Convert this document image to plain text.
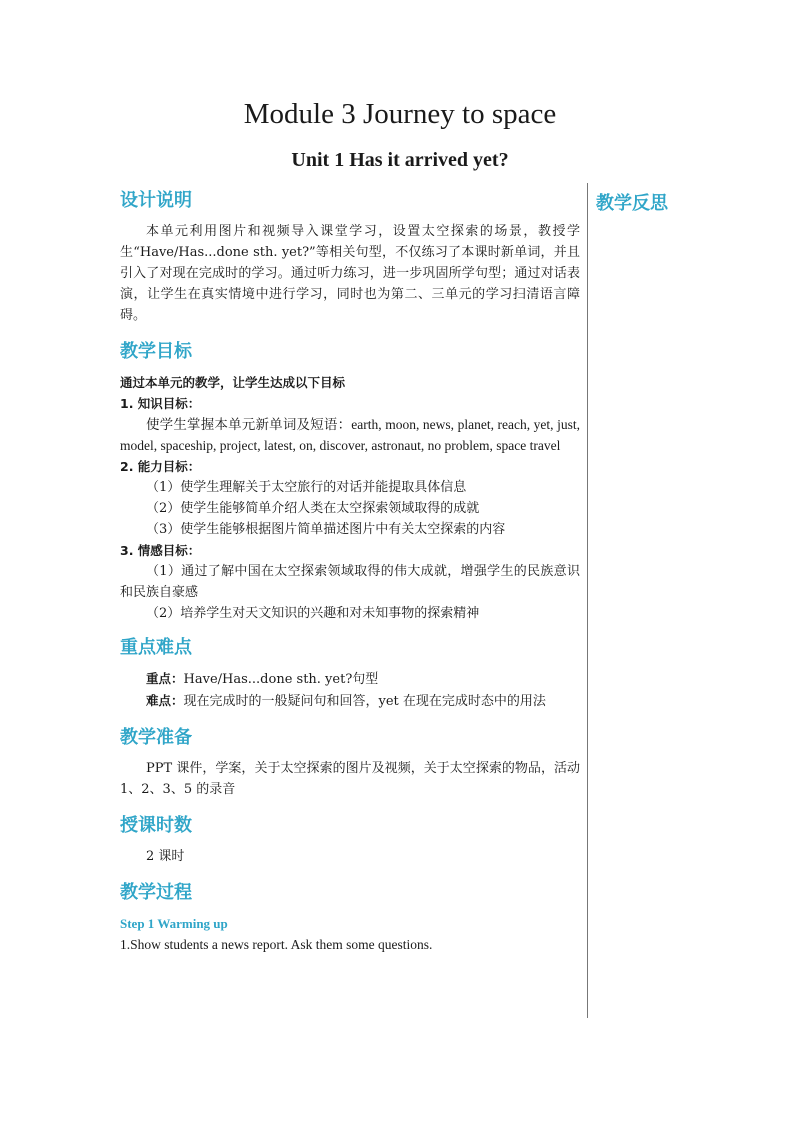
Module 3 Journey to space
Unit 1 Has it arrived yet?
教学反思
设计说明

本单元利用图片和视频导入课堂学习，设置太空探索的场景，教授学生“Have/Has...done sth. yet?”等相关句型，不仅练习了本课时新单词，并且引入了对现在完成时的学习。通过听力练习，进一步巩固所学句型；通过对话表演，让学生在真实情境中进行学习，同时也为第二、三单元的学习扫清语言障碍。

教学目标

通过本单元的教学，让学生达成以下目标

1. 知识目标：

使学生掌握本单元新单词及短语：earth, moon, news, planet, reach, yet, just, model, spaceship, project, latest, on, discover, astronaut, no problem, space travel

2. 能力目标：

（1）使学生理解关于太空旅行的对话并能提取具体信息

（2）使学生能够简单介绍人类在太空探索领域取得的成就

（3）使学生能够根据图片简单描述图片中有关太空探索的内容

3. 情感目标：

（1）通过了解中国在太空探索领域取得的伟大成就，增强学生的民族意识和民族自豪感

（2）培养学生对天文知识的兴趣和对未知事物的探索精神

重点难点

重点：Have/Has...done sth. yet?句型

难点：现在完成时的一般疑问句和回答，yet 在现在完成时态中的用法

教学准备

PPT 课件，学案，关于太空探索的图片及视频，关于太空探索的物品，活动 1、2、3、5 的录音

授课时数

2 课时

教学过程

Step 1 Warming up

1.Show students a news report. Ask them some questions.
